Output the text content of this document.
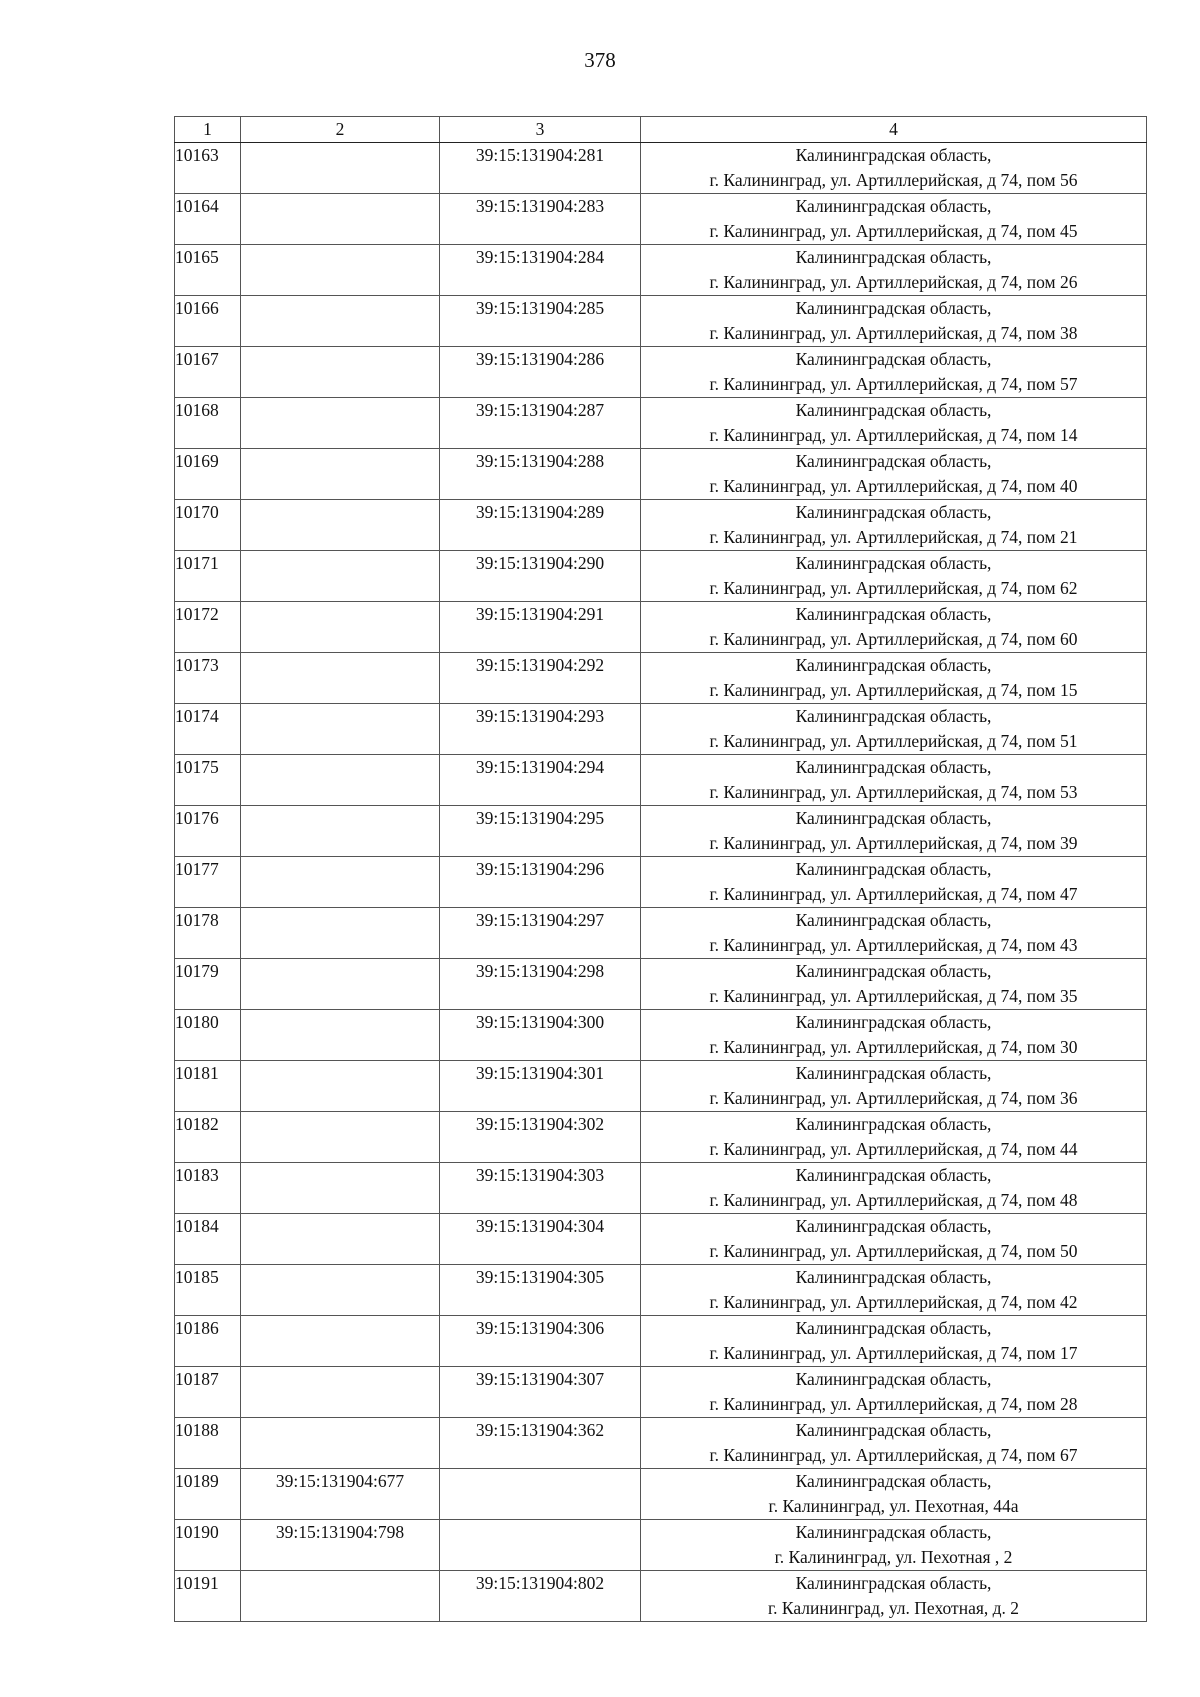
378
1	2	3	4
10163		39:15:131904:281	Калининградская область,
г. Калининград, ул. Артиллерийская, д 74, пом 56

10164		39:15:131904:283	Калининградская область,
г. Калининград, ул. Артиллерийская, д 74, пом 45

10165		39:15:131904:284	Калининградская область,
г. Калининград, ул. Артиллерийская, д 74, пом 26

10166		39:15:131904:285	Калининградская область,
г. Калининград, ул. Артиллерийская, д 74, пом 38

10167		39:15:131904:286	Калининградская область,
г. Калининград, ул. Артиллерийская, д 74, пом 57

10168		39:15:131904:287	Калининградская область,
г. Калининград, ул. Артиллерийская, д 74, пом 14

10169		39:15:131904:288	Калининградская область,
г. Калининград, ул. Артиллерийская, д 74, пом 40

10170		39:15:131904:289	Калининградская область,
г. Калининград, ул. Артиллерийская, д 74, пом 21

10171		39:15:131904:290	Калининградская область,
г. Калининград, ул. Артиллерийская, д 74, пом 62

10172		39:15:131904:291	Калининградская область,
г. Калининград, ул. Артиллерийская, д 74, пом 60

10173		39:15:131904:292	Калининградская область,
г. Калининград, ул. Артиллерийская, д 74, пом 15

10174		39:15:131904:293	Калининградская область,
г. Калининград, ул. Артиллерийская, д 74, пом 51

10175		39:15:131904:294	Калининградская область,
г. Калининград, ул. Артиллерийская, д 74, пом 53

10176		39:15:131904:295	Калининградская область,
г. Калининград, ул. Артиллерийская, д 74, пом 39

10177		39:15:131904:296	Калининградская область,
г. Калининград, ул. Артиллерийская, д 74, пом 47

10178		39:15:131904:297	Калининградская область,
г. Калининград, ул. Артиллерийская, д 74, пом 43

10179		39:15:131904:298	Калининградская область,
г. Калининград, ул. Артиллерийская, д 74, пом 35

10180		39:15:131904:300	Калининградская область,
г. Калининград, ул. Артиллерийская, д 74, пом 30

10181		39:15:131904:301	Калининградская область,
г. Калининград, ул. Артиллерийская, д 74, пом 36

10182		39:15:131904:302	Калининградская область,
г. Калининград, ул. Артиллерийская, д 74, пом 44

10183		39:15:131904:303	Калининградская область,
г. Калининград, ул. Артиллерийская, д 74, пом 48

10184		39:15:131904:304	Калининградская область,
г. Калининград, ул. Артиллерийская, д 74, пом 50

10185		39:15:131904:305	Калининградская область,
г. Калининград, ул. Артиллерийская, д 74, пом 42

10186		39:15:131904:306	Калининградская область,
г. Калининград, ул. Артиллерийская, д 74, пом 17

10187		39:15:131904:307	Калининградская область,
г. Калининград, ул. Артиллерийская, д 74, пом 28

10188		39:15:131904:362	Калининградская область,
г. Калининград, ул. Артиллерийская, д 74, пом 67

10189	39:15:131904:677		Калининградская область,
г. Калининград, ул. Пехотная, 44а

10190	39:15:131904:798		Калининградская область,
г. Калининград, ул. Пехотная , 2

10191		39:15:131904:802	Калининградская область,
г. Калининград, ул. Пехотная, д. 2
